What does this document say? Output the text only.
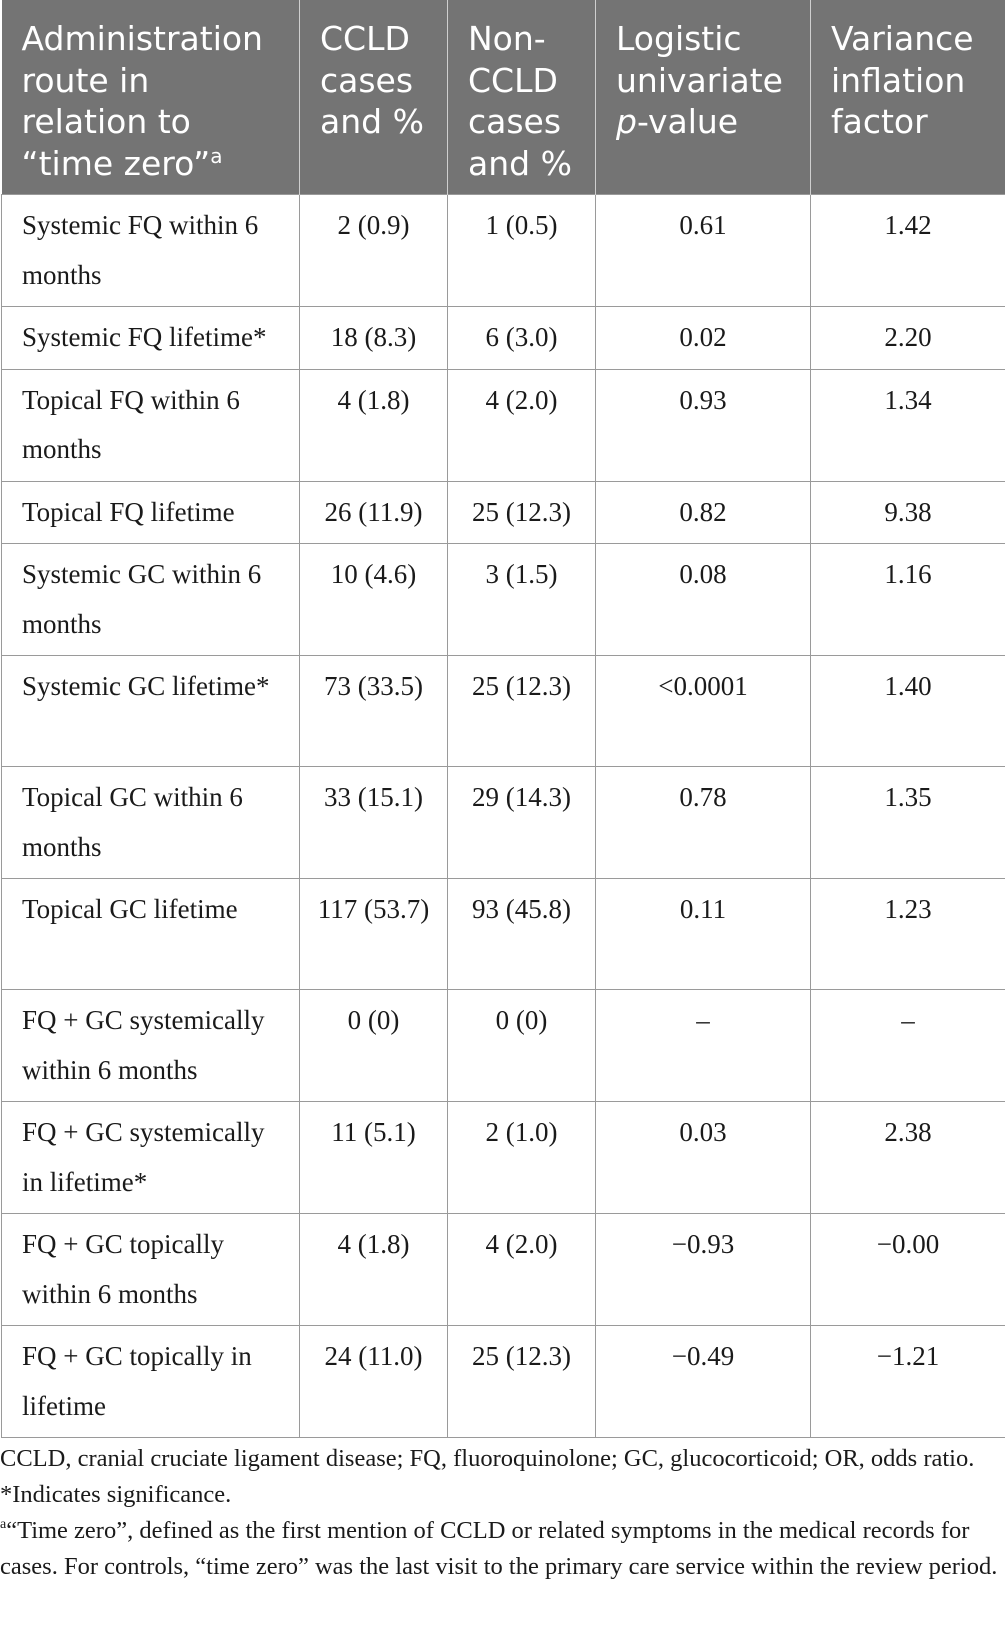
Administration route in relation to “time zero”$^a$	CCLD cases and %	Non-CCLD cases and %	Logistic univariate p-value	Variance inflation factor
Systemic FQ within 6 months	2 (0.9)	1 (0.5)	0.61	1.42
Systemic FQ lifetime*	18 (8.3)	6 (3.0)	0.02	2.20
Topical FQ within 6 months	4 (1.8)	4 (2.0)	0.93	1.34
Topical FQ lifetime	26 (11.9)	25 (12.3)	0.82	9.38
Systemic GC within 6 months	10 (4.6)	3 (1.5)	0.08	1.16
Systemic GC lifetime*	73 (33.5)	25 (12.3)	<0.0001	1.40
Topical GC within 6 months	33 (15.1)	29 (14.3)	0.78	1.35
Topical GC lifetime	117 (53.7)	93 (45.8)	0.11	1.23
FQ + GC systemically within 6 months	0 (0)	0 (0)	–	–
FQ + GC systemically in lifetime*	11 (5.1)	2 (1.0)	0.03	2.38
FQ + GC topically within 6 months	4 (1.8)	4 (2.0)	−0.93	−0.00
FQ + GC topically in lifetime	24 (11.0)	25 (12.3)	−0.49	−1.21

CCLD, cranial cruciate ligament disease; FQ, fluoroquinolone; GC, glucocorticoid; OR, odds ratio. *Indicates significance.

$^a$“Time zero”, defined as the first mention of CCLD or related symptoms in the medical records for cases. For controls, “time zero” was the last visit to the primary care service within the review period.
